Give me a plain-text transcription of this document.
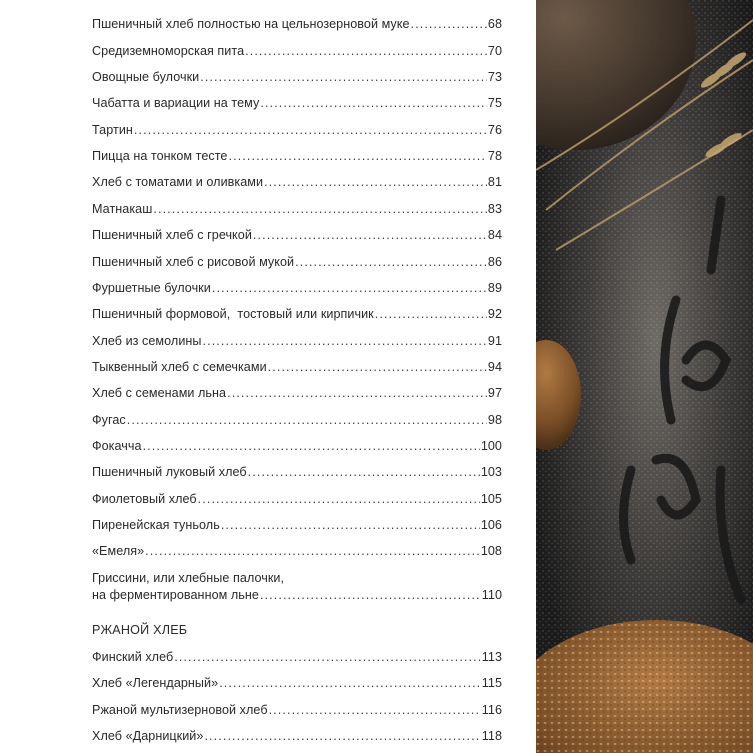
Пшеничный хлеб полностью на цельнозерновой муке . . .	68
Средиземноморская пита . . .	70
Овощные булочки . . .	73
Чабатта и вариации на тему . . .	75
Тартин . . .	76
Пицца на тонком тесте . . .	78
Хлеб с томатами и оливками . . .	81
Матнакаш . . .	83
Пшеничный хлеб с гречкой . . .	84
Пшеничный хлеб с рисовой мукой . . .	86
Фуршетные булочки . . .	89
Пшеничный формовой,  тостовый или кирпичик . . .	92
Хлеб из семолины . . .	91
Тыквенный хлеб с семечками . . .	94
Хлеб с семенами льна . . .	97
Фугас . . .	98
Фокачча . . .	100
Пшеничный луковый хлеб . . .	103
Фиолетовый хлеб . . .	105
Пиренейская туньоль . . .	106
«Емеля» . . .	108
Гриссини, или хлебные палочки,
на ферментированном льне . . .	110
РЖАНОЙ ХЛЕБ
Финский хлеб . . .	113
Хлеб «Легендарный» . . .	115
Ржаной мультизерновой хлеб . . .	116
Хлеб «Дарницкий» . . .	118
